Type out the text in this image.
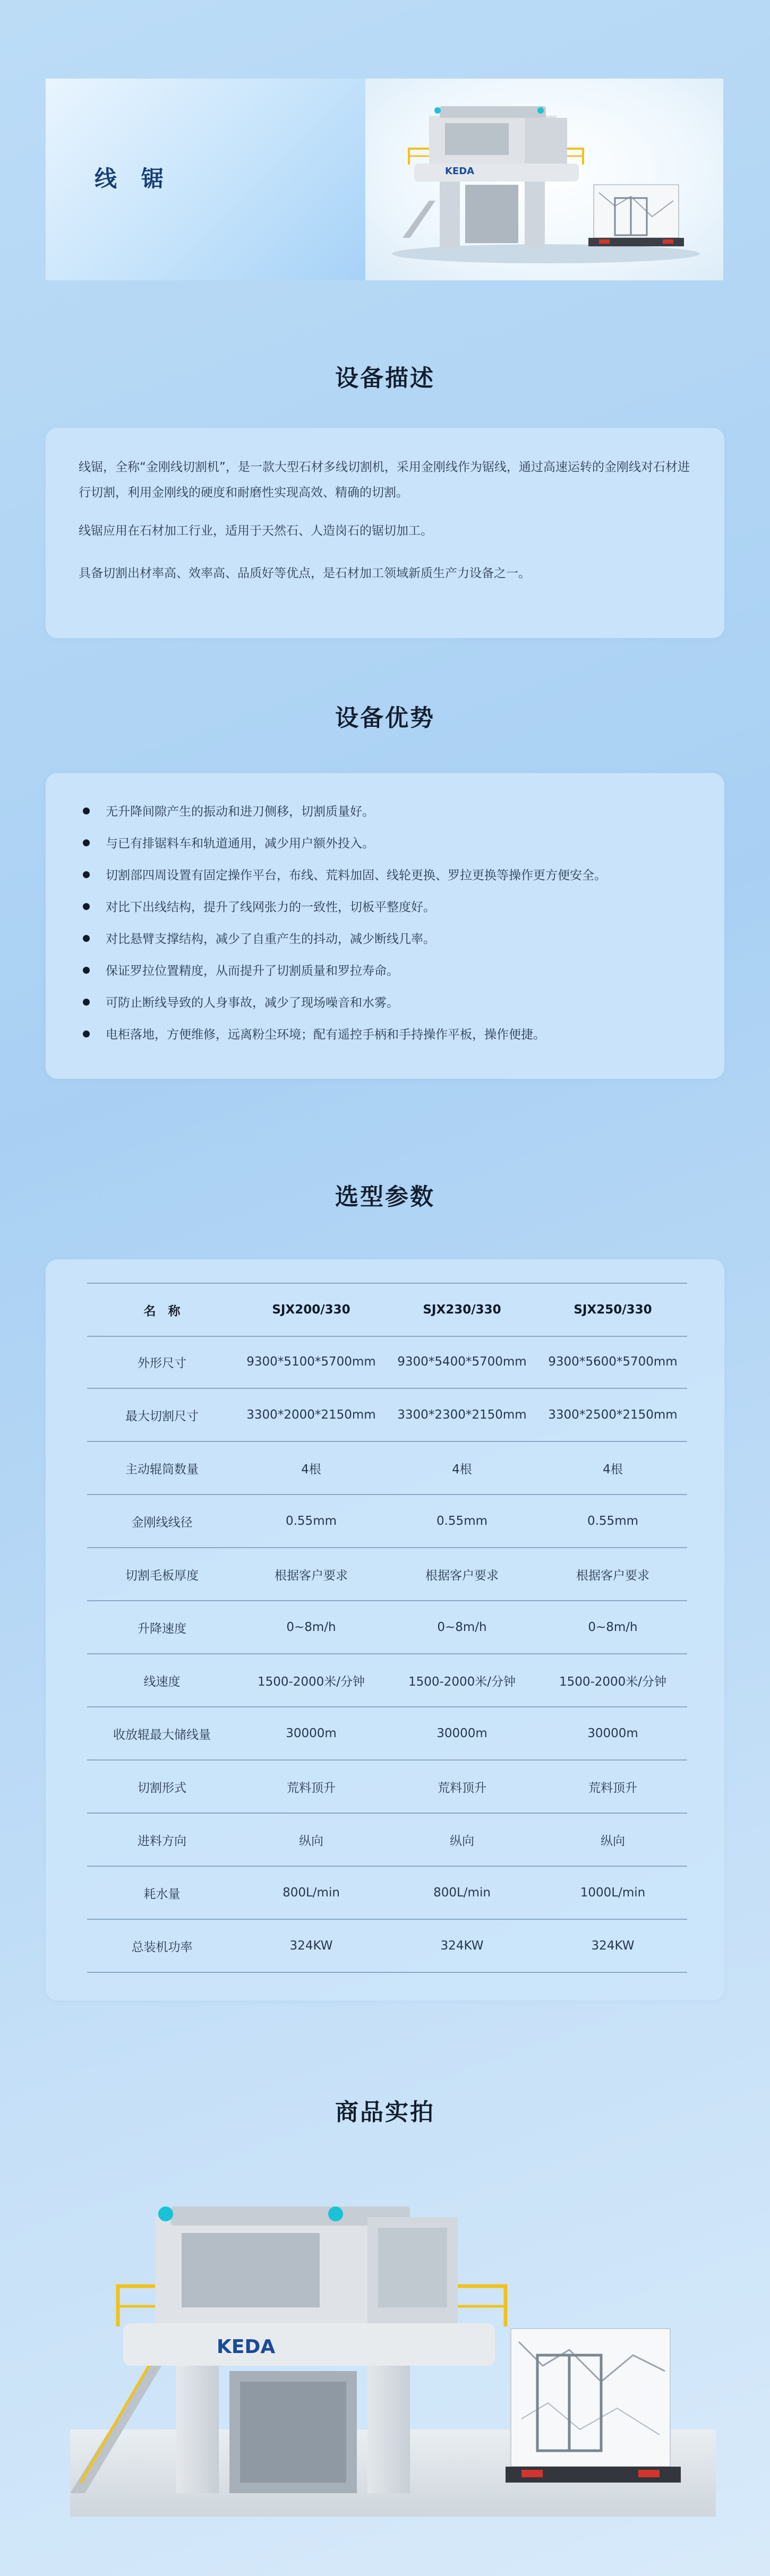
线　锯	KEDA
设备描述

线锯，全称“金刚线切割机”，是一款大型石材多线切割机，采用金刚线作为锯线，通过高速运转的金刚线对石材进行切割，利用金刚线的硬度和耐磨性实现高效、精确的切割。

线锯应用在石材加工行业，适用于天然石、人造岗石的锯切加工。

具备切割出材率高、效率高、品质好等优点，是石材加工领域新质生产力设备之一。

设备优势
无升降间隙产生的振动和进刀侧移，切割质量好。
与已有排锯料车和轨道通用，减少用户额外投入。
切割部四周设置有固定操作平台，布线、荒料加固、线轮更换、罗拉更换等操作更方便安全。
对比下出线结构，提升了线网张力的一致性，切板平整度好。
对比悬臂支撑结构，减少了自重产生的抖动，减少断线几率。
保证罗拉位置精度，从而提升了切割质量和罗拉寿命。
可防止断线导致的人身事故，减少了现场噪音和水雾。
电柜落地，方便维修，远离粉尘环境；配有遥控手柄和手持操作平板，操作便捷。
选型参数
名　称	SJX200/330	SJX230/330	SJX250/330
外形尺寸	9300*5100*5700mm	9300*5400*5700mm	9300*5600*5700mm
最大切割尺寸	3300*2000*2150mm	3300*2300*2150mm	3300*2500*2150mm
主动辊筒数量	4根	4根	4根
金刚线线径	0.55mm	0.55mm	0.55mm
切割毛板厚度	根据客户要求	根据客户要求	根据客户要求
升降速度	0~8m/h	0~8m/h	0~8m/h
线速度	1500-2000米/分钟	1500-2000米/分钟	1500-2000米/分钟
收放辊最大储线量	30000m	30000m	30000m
切割形式	荒料顶升	荒料顶升	荒料顶升
进料方向	纵向	纵向	纵向
耗水量	800L/min	800L/min	1000L/min
总装机功率	324KW	324KW	324KW
商品实拍
KEDA
